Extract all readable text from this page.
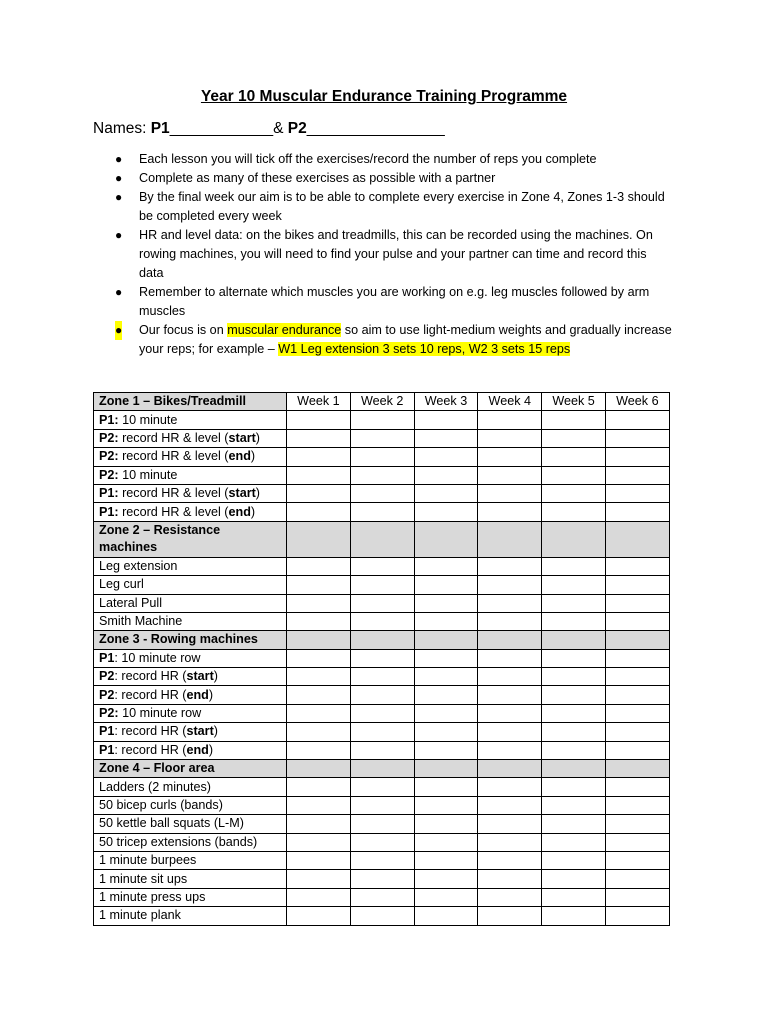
Year 10 Muscular Endurance Training Programme
Names: P1____________& P2________________
● Each lesson you will tick off the exercises/record the number of reps you complete
● Complete as many of these exercises as possible with a partner
● By the final week our aim is to be able to complete every exercise in Zone 4, Zones 1-3 should be completed every week
● HR and level data: on the bikes and treadmills, this can be recorded using the machines. On rowing machines, you will need to find your pulse and your partner can time and record this data
● Remember to alternate which muscles you are working on e.g. leg muscles followed by arm muscles
● Our focus is on muscular endurance so aim to use light-medium weights and gradually increase your reps; for example – W1 Leg extension 3 sets 10 reps, W2 3 sets 15 reps
Zone 1 – Bikes/Treadmill	Week 1	Week 2	Week 3	Week 4	Week 5	Week 6
P1: 10 minute						
P2: record HR & level (start)						
P2: record HR & level (end)						
P2: 10 minute						
P1: record HR & level (start)						
P1: record HR & level (end)						
Zone 2 – Resistance machines						
Leg extension						
Leg curl						
Lateral Pull						
Smith Machine						
Zone 3 - Rowing machines						
P1: 10 minute row						
P2: record HR (start)						
P2: record HR (end)						
P2: 10 minute row						
P1: record HR (start)						
P1: record HR (end)						
Zone 4 – Floor area						
Ladders (2 minutes)						
50 bicep curls (bands)						
50 kettle ball squats (L-M)						
50 tricep extensions (bands)						
1 minute burpees						
1 minute sit ups						
1 minute press ups						
1 minute plank						
